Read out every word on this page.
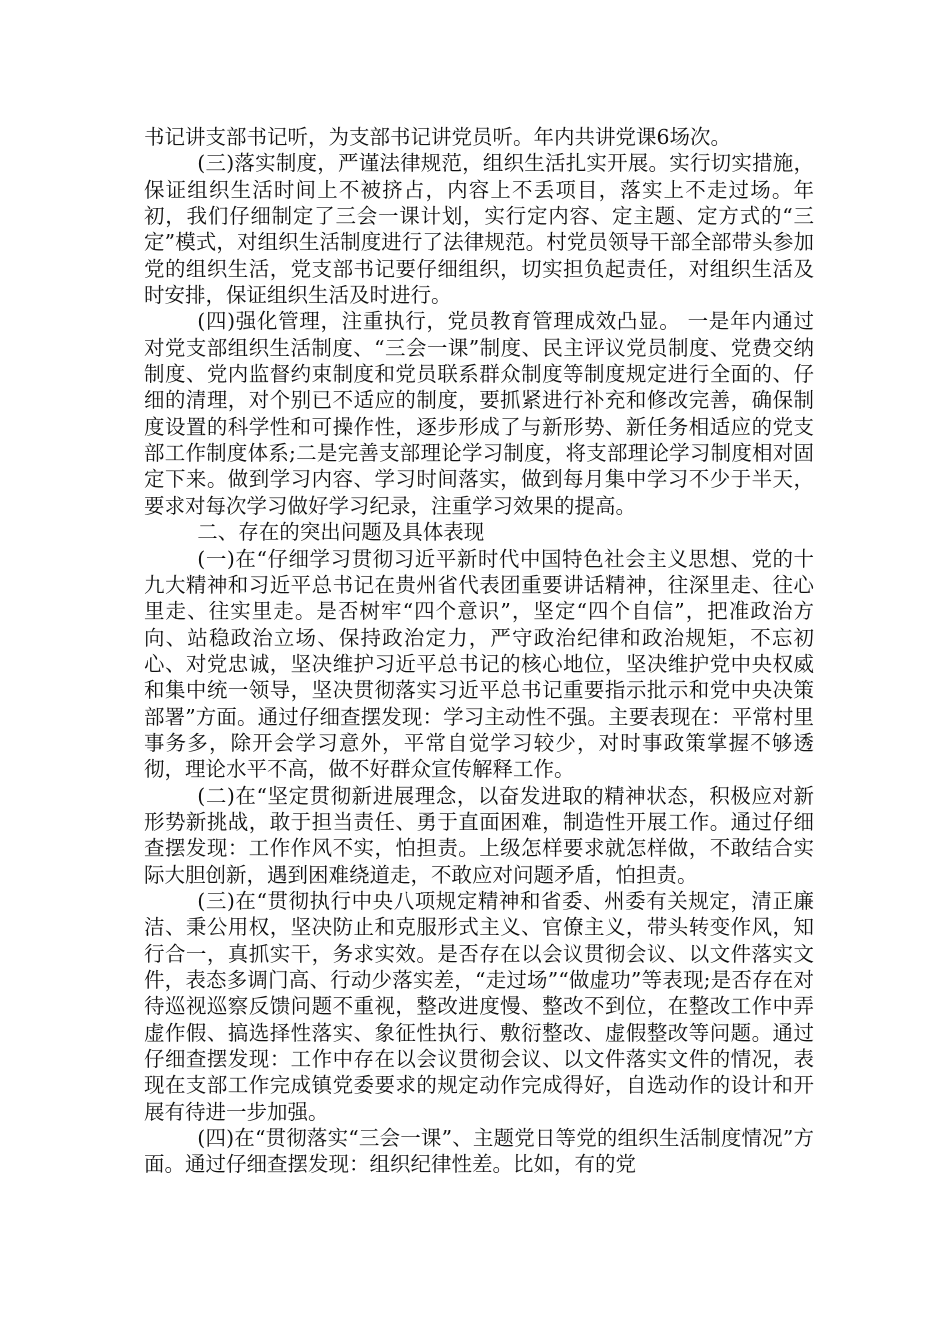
书记讲支部书记听，为支部书记讲党员听。年内共讲党课6场次。

(三)落实制度，严谨法律规范，组织生活扎实开展。实行切实措施，保证组织生活时间上不被挤占，内容上不丢项目，落实上不走过场。年初，我们仔细制定了三会一课计划，实行定内容、定主题、定方式的“三定”模式，对组织生活制度进行了法律规范。村党员领导干部全部带头参加党的组织生活，党支部书记要仔细组织，切实担负起责任，对组织生活及时安排，保证组织生活及时进行。

(四)强化管理，注重执行，党员教育管理成效凸显。 一是年内通过对党支部组织生活制度、“三会一课”制度、民主评议党员制度、党费交纳制度、党内监督约束制度和党员联系群众制度等制度规定进行全面的、仔细的清理，对个别已不适应的制度，要抓紧进行补充和修改完善，确保制度设置的科学性和可操作性，逐步形成了与新形势、新任务相适应的党支部工作制度体系;二是完善支部理论学习制度，将支部理论学习制度相对固定下来。做到学习内容、学习时间落实，做到每月集中学习不少于半天，要求对每次学习做好学习纪录，注重学习效果的提高。

二、存在的突出问题及具体表现

(一)在“仔细学习贯彻习近平新时代中国特色社会主义思想、党的十九大精神和习近平总书记在贵州省代表团重要讲话精神，往深里走、往心里走、往实里走。是否树牢“四个意识”，坚定“四个自信”，把准政治方向、站稳政治立场、保持政治定力，严守政治纪律和政治规矩，不忘初心、对党忠诚，坚决维护习近平总书记的核心地位，坚决维护党中央权威和集中统一领导，坚决贯彻落实习近平总书记重要指示批示和党中央决策部署”方面。通过仔细查摆发现：学习主动性不强。主要表现在：平常村里事务多，除开会学习意外，平常自觉学习较少，对时事政策掌握不够透彻，理论水平不高，做不好群众宣传解释工作。

(二)在“坚定贯彻新进展理念，以奋发进取的精神状态，积极应对新形势新挑战，敢于担当责任、勇于直面困难，制造性开展工作。通过仔细查摆发现：工作作风不实，怕担责。上级怎样要求就怎样做，不敢结合实际大胆创新，遇到困难绕道走，不敢应对问题矛盾，怕担责。

(三)在“贯彻执行中央八项规定精神和省委、州委有关规定，清正廉洁、秉公用权，坚决防止和克服形式主义、官僚主义，带头转变作风，知行合一，真抓实干，务求实效。是否存在以会议贯彻会议、以文件落实文件，表态多调门高、行动少落实差，“走过场”“做虚功”等表现;是否存在对待巡视巡察反馈问题不重视，整改进度慢、整改不到位，在整改工作中弄虚作假、搞选择性落实、象征性执行、敷衍整改、虚假整改等问题。通过仔细查摆发现：工作中存在以会议贯彻会议、以文件落实文件的情况，表现在支部工作完成镇党委要求的规定动作完成得好，自选动作的设计和开展有待进一步加强。

(四)在“贯彻落实“三会一课”、主题党日等党的组织生活制度情况”方面。通过仔细查摆发现：组织纪律性差。比如，有的党
